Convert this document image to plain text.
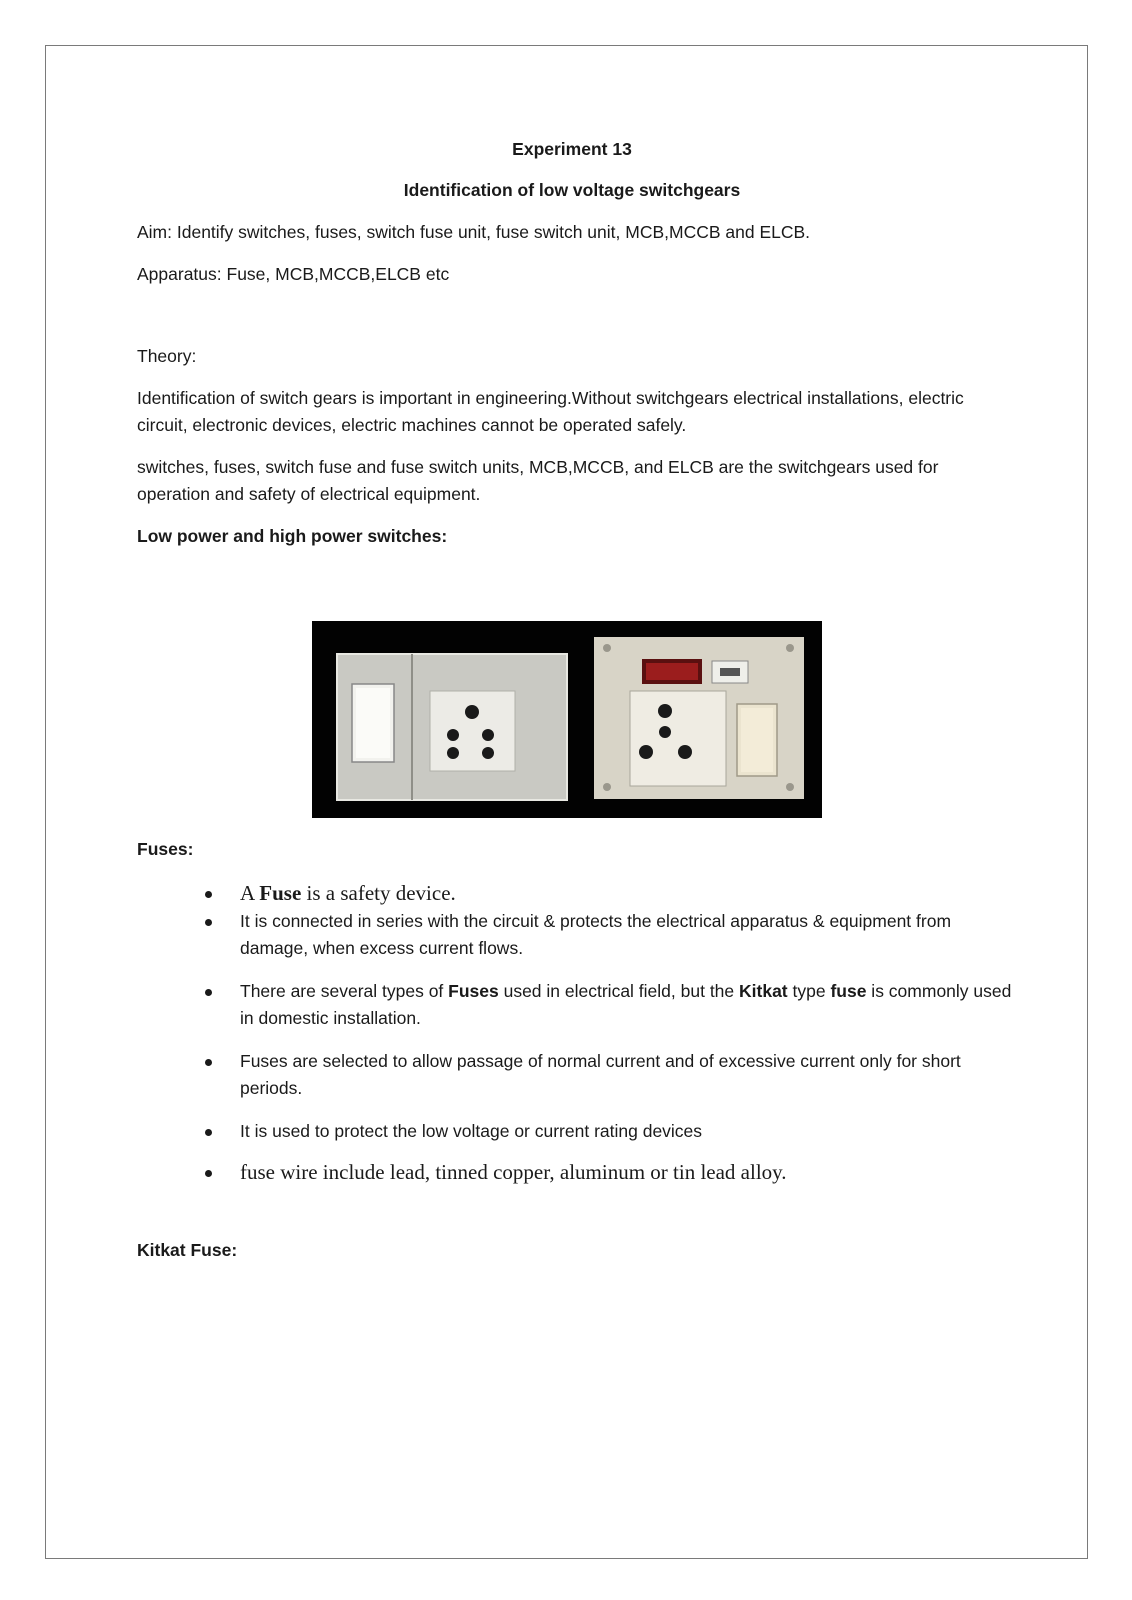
Experiment 13

Identification of low voltage switchgears

Aim: Identify switches, fuses, switch fuse unit, fuse switch unit, MCB,MCCB and ELCB.

Apparatus: Fuse, MCB,MCCB,ELCB etc

Theory:

Identification of switch gears is important in engineering.Without switchgears electrical installations, electric circuit, electronic devices, electric machines cannot be operated safely.

switches, fuses, switch fuse and fuse switch units, MCB,MCCB, and ELCB are the switchgears used for operation and safety of electrical equipment.

Low power and high power switches:

Fuses:

A Fuse is a safety device.
It is connected in series with the circuit & protects the electrical apparatus & equipment from damage, when excess current flows.
There are several types of Fuses used in electrical field, but the Kitkat type fuse is commonly used in domestic installation.
Fuses are selected to allow passage of normal current and of excessive current only for short periods.
It is used to protect the low voltage or current rating devices
fuse wire include lead, tinned copper, aluminum or tin lead alloy.

Kitkat Fuse:
